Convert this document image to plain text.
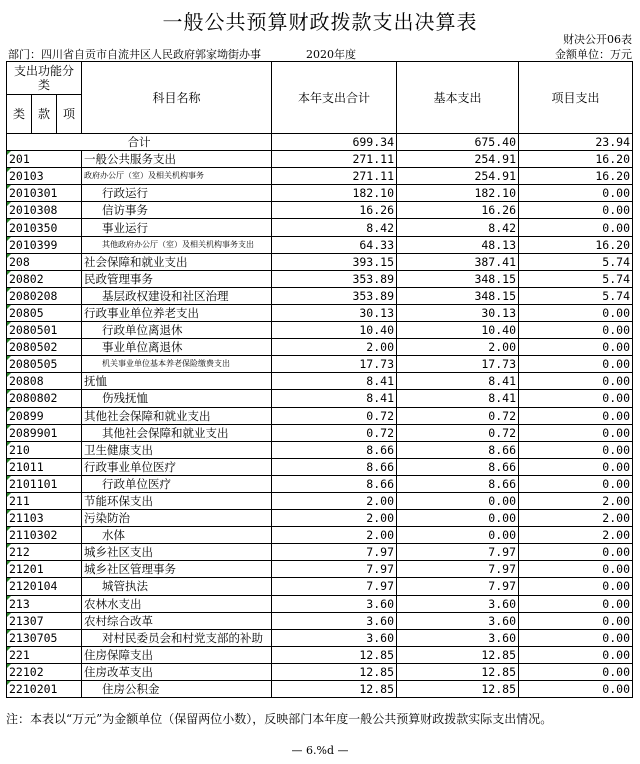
一般公共预算财政拨款支出决算表
财决公开06表
部门：四川省自贡市自流井区人民政府郭家坳街办事	2020年度	金额单位：万元
支出功能分类	科目名称	本年支出合计	基本支出	项目支出

类 款 项				

合计		699.34	675.40	23.94
201	一般公共服务支出	271.11	254.91	16.20
20103	政府办公厅（室）及相关机构事务	271.11	254.91	16.20
2010301	行政运行	182.10	182.10	0.00
2010308	信访事务	16.26	16.26	0.00
2010350	事业运行	8.42	8.42	0.00
2010399	其他政府办公厅（室）及相关机构事务支出	64.33	48.13	16.20
208	社会保障和就业支出	393.15	387.41	5.74
20802	民政管理事务	353.89	348.15	5.74
2080208	基层政权建设和社区治理	353.89	348.15	5.74
20805	行政事业单位养老支出	30.13	30.13	0.00
2080501	行政单位离退休	10.40	10.40	0.00
2080502	事业单位离退休	2.00	2.00	0.00
2080505	机关事业单位基本养老保险缴费支出	17.73	17.73	0.00
20808	抚恤	8.41	8.41	0.00
2080802	伤残抚恤	8.41	8.41	0.00
20899	其他社会保障和就业支出	0.72	0.72	0.00
2089901	其他社会保障和就业支出	0.72	0.72	0.00
210	卫生健康支出	8.66	8.66	0.00
21011	行政事业单位医疗	8.66	8.66	0.00
2101101	行政单位医疗	8.66	8.66	0.00
211	节能环保支出	2.00	0.00	2.00
21103	污染防治	2.00	0.00	2.00
2110302	水体	2.00	0.00	2.00
212	城乡社区支出	7.97	7.97	0.00
21201	城乡社区管理事务	7.97	7.97	0.00
2120104	城管执法	7.97	7.97	0.00
213	农林水支出	3.60	3.60	0.00
21307	农村综合改革	3.60	3.60	0.00
2130705	对村民委员会和村党支部的补助	3.60	3.60	0.00
221	住房保障支出	12.85	12.85	0.00
22102	住房改革支出	12.85	12.85	0.00
2210201	住房公积金	12.85	12.85	0.00
注：本表以“万元”为金额单位（保留两位小数），反映部门本年度一般公共预算财政拨款实际支出情况。
— 6.%d —
